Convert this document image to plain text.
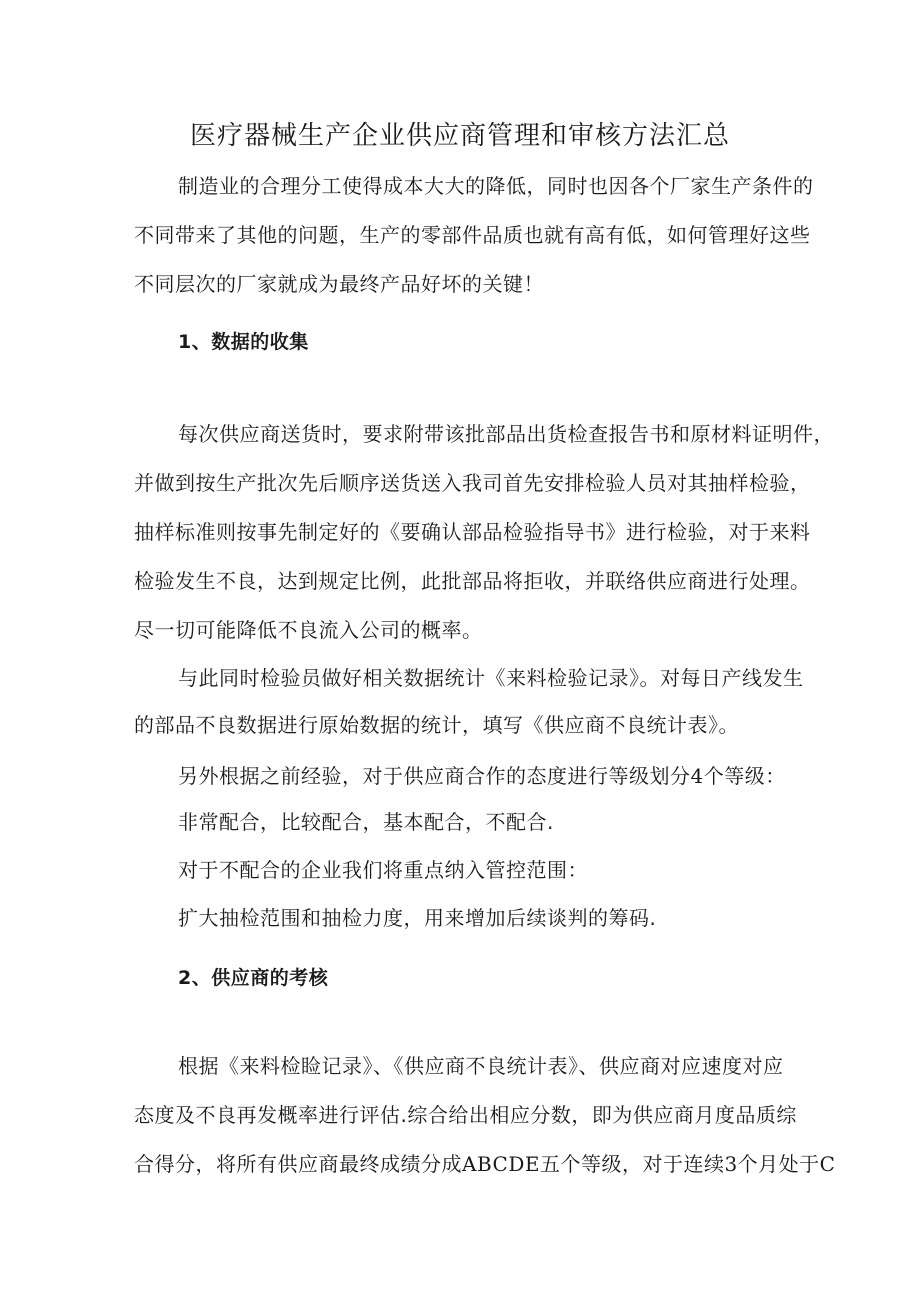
医疗器械生产企业供应商管理和审核方法汇总
制造业的合理分工使得成本大大的降低，同时也因各个厂家生产条件的
不同带来了其他的问题，生产的零部件品质也就有高有低，如何管理好这些
不同层次的厂家就成为最终产品好坏的关键！
1、数据的收集
每次供应商送货时，要求附带该批部品出货检查报告书和原材料证明件，
并做到按生产批次先后顺序送货送入我司首先安排检验人员对其抽样检验，
抽样标准则按事先制定好的《要确认部品检验指导书》进行检验，对于来料
检验发生不良，达到规定比例，此批部品将拒收，并联络供应商进行处理。
尽一切可能降低不良流入公司的概率。
与此同时检验员做好相关数据统计《来料检验记录》。对每日产线发生
的部品不良数据进行原始数据的统计，填写《供应商不良统计表》。
另外根据之前经验，对于供应商合作的态度进行等级划分4个等级：
非常配合，比较配合，基本配合，不配合.
对于不配合的企业我们将重点纳入管控范围：
扩大抽检范围和抽检力度，用来增加后续谈判的筹码.
2、供应商的考核
根据《来料检睑记录》、《供应商不良统计表》、供应商对应速度对应
态度及不良再发概率进行评估.综合给出相应分数，即为供应商月度品质综
合得分，将所有供应商最终成绩分成ABCDE五个等级，对于连续3个月处于C
